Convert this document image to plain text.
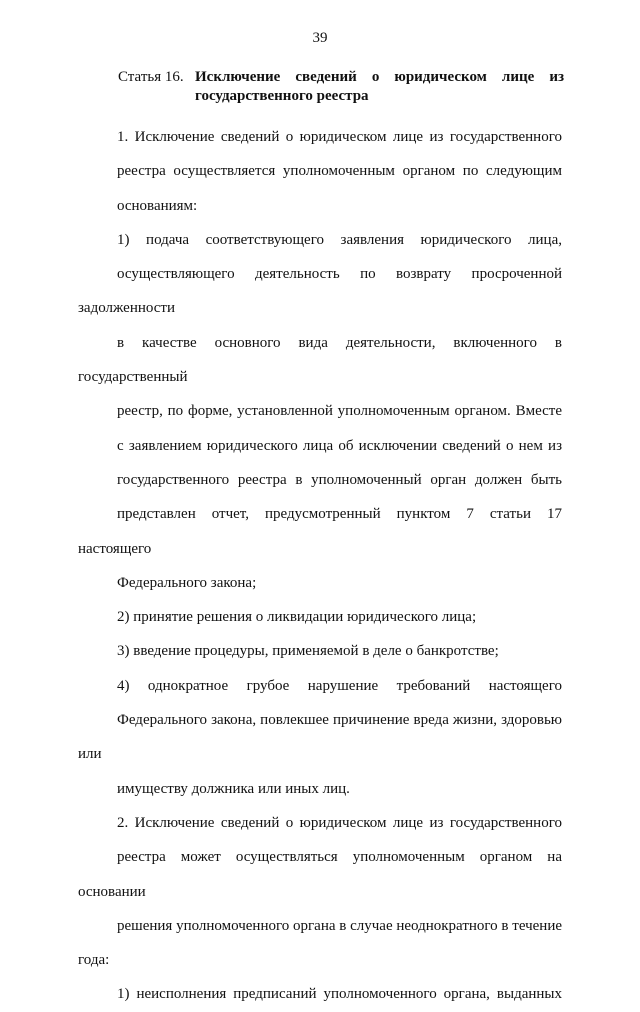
39
Статья 16. Исключение сведений о юридическом лице из
государственного реестра

1. Исключение сведений о юридическом лице из государственного
реестра осуществляется уполномоченным органом по следующим
основаниям:

1) подача соответствующего заявления юридического лица,
осуществляющего деятельность по возврату просроченной задолженности
в качестве основного вида деятельности, включенного в государственный
реестр, по форме, установленной уполномоченным органом. Вместе
с заявлением юридического лица об исключении сведений о нем из
государственного реестра в уполномоченный орган должен быть
представлен отчет, предусмотренный пунктом 7 статьи 17 настоящего
Федерального закона;

2) принятие решения о ликвидации юридического лица;

3) введение процедуры, применяемой в деле о банкротстве;

4) однократное грубое нарушение требований настоящего
Федерального закона, повлекшее причинение вреда жизни, здоровью или
имуществу должника или иных лиц.

2. Исключение сведений о юридическом лице из государственного
реестра может осуществляться уполномоченным органом на основании
решения уполномоченного органа в случае неоднократного в течение года:

1) неисполнения предписаний уполномоченного органа, выданных
